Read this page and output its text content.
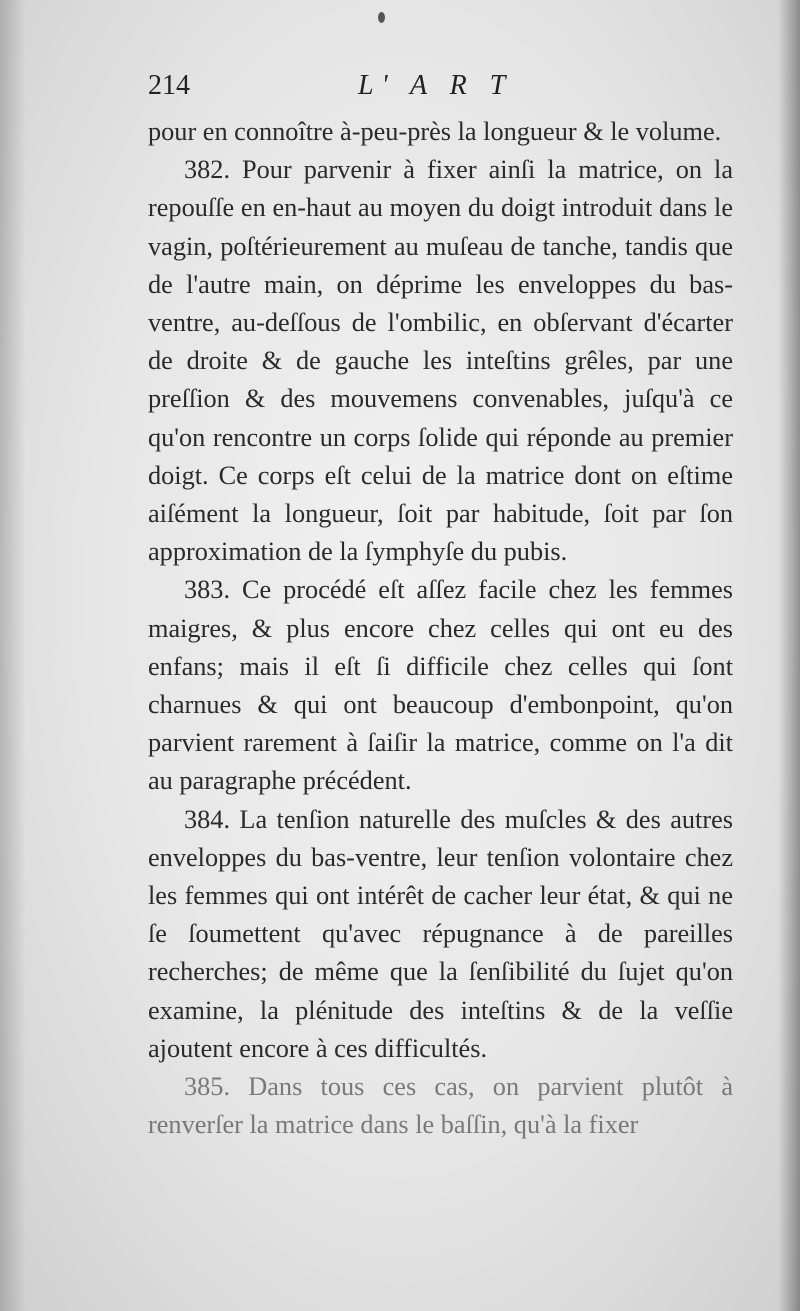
214	L' A R T

pour en connoître à-peu-près la longueur & le volume.

382. Pour parvenir à fixer ainſi la matrice, on la repouſſe en en-haut au moyen du doigt introduit dans le vagin, poſtérieurement au muſeau de tanche, tandis que de l'autre main, on déprime les enveloppes du bas-ventre, au-deſſous de l'ombilic, en obſervant d'écarter de droite & de gauche les inteſtins grêles, par une preſſion & des mouvemens convenables, juſqu'à ce qu'on rencontre un corps ſolide qui réponde au premier doigt. Ce corps eſt celui de la matrice dont on eſtime aiſément la longueur, ſoit par habitude, ſoit par ſon approximation de la ſymphyſe du pubis.

383. Ce procédé eſt aſſez facile chez les femmes maigres, & plus encore chez celles qui ont eu des enfans; mais il eſt ſi difficile chez celles qui ſont charnues & qui ont beaucoup d'embonpoint, qu'on parvient rarement à ſaiſir la matrice, comme on l'a dit au paragraphe précédent.

384. La tenſion naturelle des muſcles & des autres enveloppes du bas-ventre, leur tenſion volontaire chez les femmes qui ont intérêt de cacher leur état, & qui ne ſe ſoumettent qu'avec répugnance à de pareilles recherches; de même que la ſenſibilité du ſujet qu'on examine, la plénitude des inteſtins & de la veſſie ajoutent encore à ces difficultés.

385. Dans tous ces cas, on parvient plutôt à renverſer la matrice dans le baſſin, qu'à la fixer
